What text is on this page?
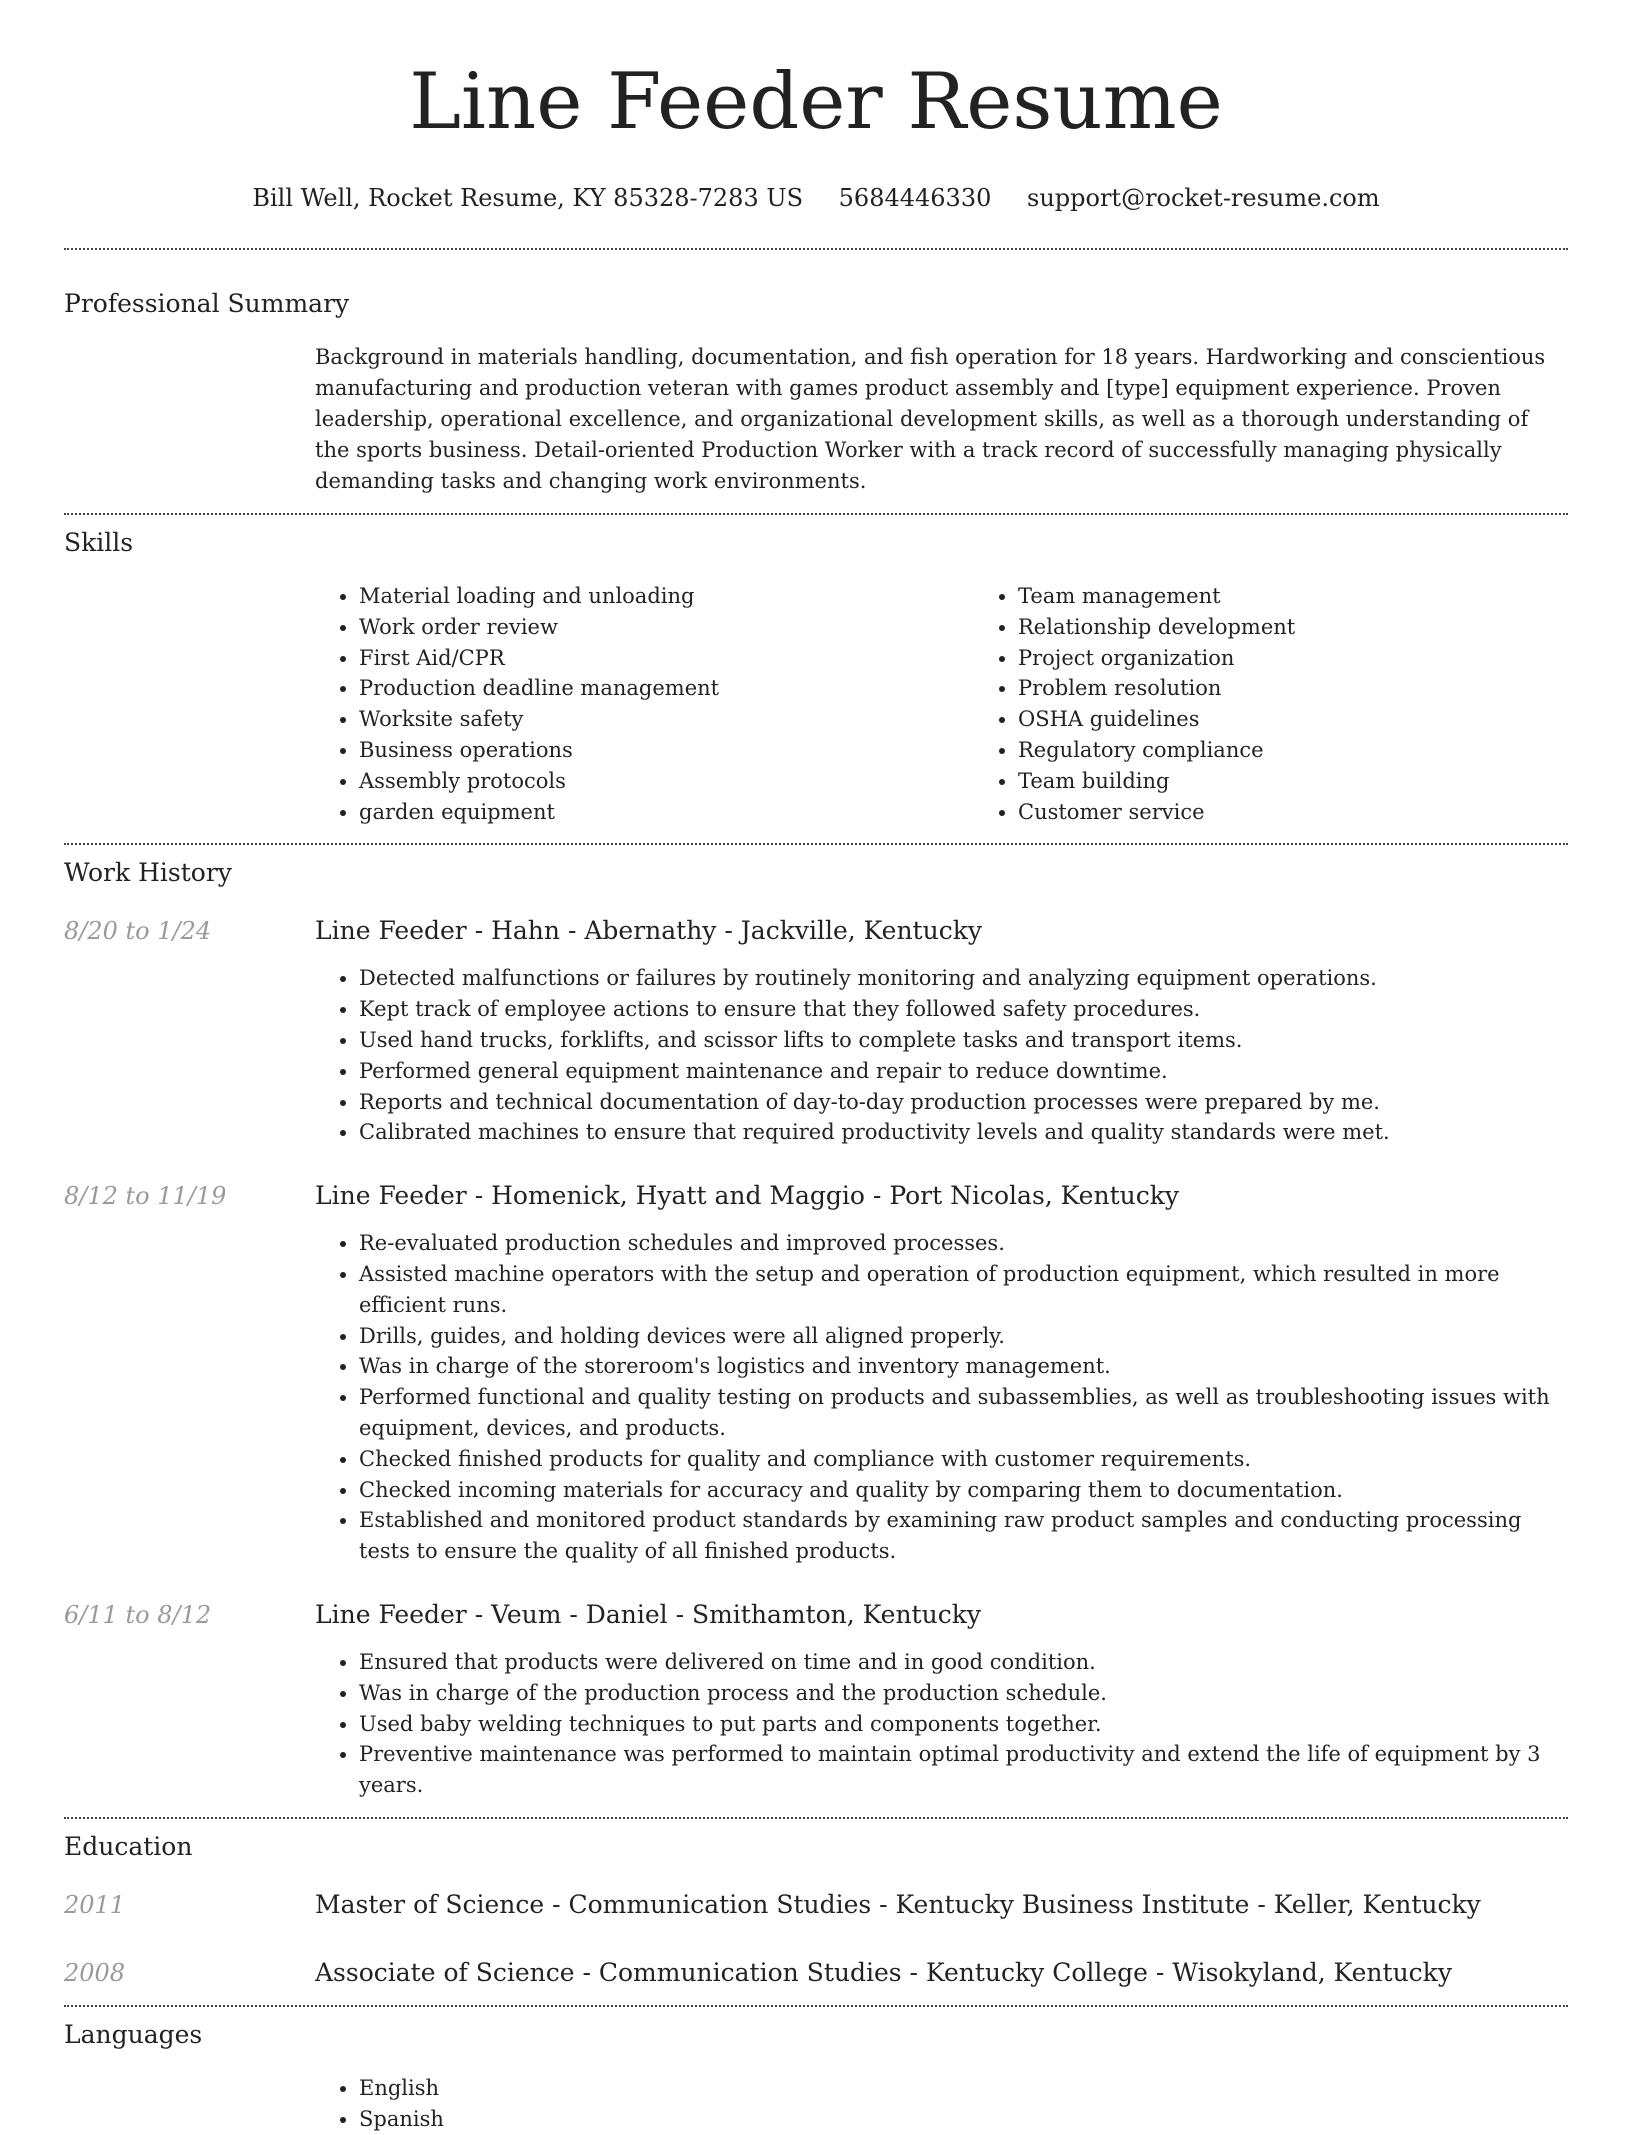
Line Feeder Resume
Bill Well, Rocket Resume, KY 85328-7283 US 5684446330 support@rocket-resume.com
Professional Summary

Background in materials handling, documentation, and fish operation for 18 years. Hardworking and conscientious manufacturing and production veteran with games product assembly and [type] equipment experience. Proven leadership, operational excellence, and organizational development skills, as well as a thorough understanding of the sports business. Detail-oriented Production Worker with a track record of successfully managing physically demanding tasks and changing work environments.

Skills
• Material loading and unloading
• Work order review
• First Aid/CPR
• Production deadline management
• Worksite safety
• Business operations
• Assembly protocols
• garden equipment
• Team management
• Relationship development
• Project organization
• Problem resolution
• OSHA guidelines
• Regulatory compliance
• Team building
• Customer service
Work History
8/20 to 1/24	Line Feeder - Hahn - Abernathy - Jackville, Kentucky
• Detected malfunctions or failures by routinely monitoring and analyzing equipment operations.
• Kept track of employee actions to ensure that they followed safety procedures.
• Used hand trucks, forklifts, and scissor lifts to complete tasks and transport items.
• Performed general equipment maintenance and repair to reduce downtime.
• Reports and technical documentation of day-to-day production processes were prepared by me.
• Calibrated machines to ensure that required productivity levels and quality standards were met.
8/12 to 11/19	Line Feeder - Homenick, Hyatt and Maggio - Port Nicolas, Kentucky
• Re-evaluated production schedules and improved processes.
• Assisted machine operators with the setup and operation of production equipment, which resulted in more efficient runs.
• Drills, guides, and holding devices were all aligned properly.
• Was in charge of the storeroom's logistics and inventory management.
• Performed functional and quality testing on products and subassemblies, as well as troubleshooting issues with equipment, devices, and products.
• Checked finished products for quality and compliance with customer requirements.
• Checked incoming materials for accuracy and quality by comparing them to documentation.
• Established and monitored product standards by examining raw product samples and conducting processing tests to ensure the quality of all finished products.
6/11 to 8/12	Line Feeder - Veum - Daniel - Smithamton, Kentucky
• Ensured that products were delivered on time and in good condition.
• Was in charge of the production process and the production schedule.
• Used baby welding techniques to put parts and components together.
• Preventive maintenance was performed to maintain optimal productivity and extend the life of equipment by 3 years.
Education
2011	Master of Science - Communication Studies - Kentucky Business Institute - Keller, Kentucky
2008	Associate of Science - Communication Studies - Kentucky College - Wisokyland, Kentucky
Languages
• English
• Spanish
